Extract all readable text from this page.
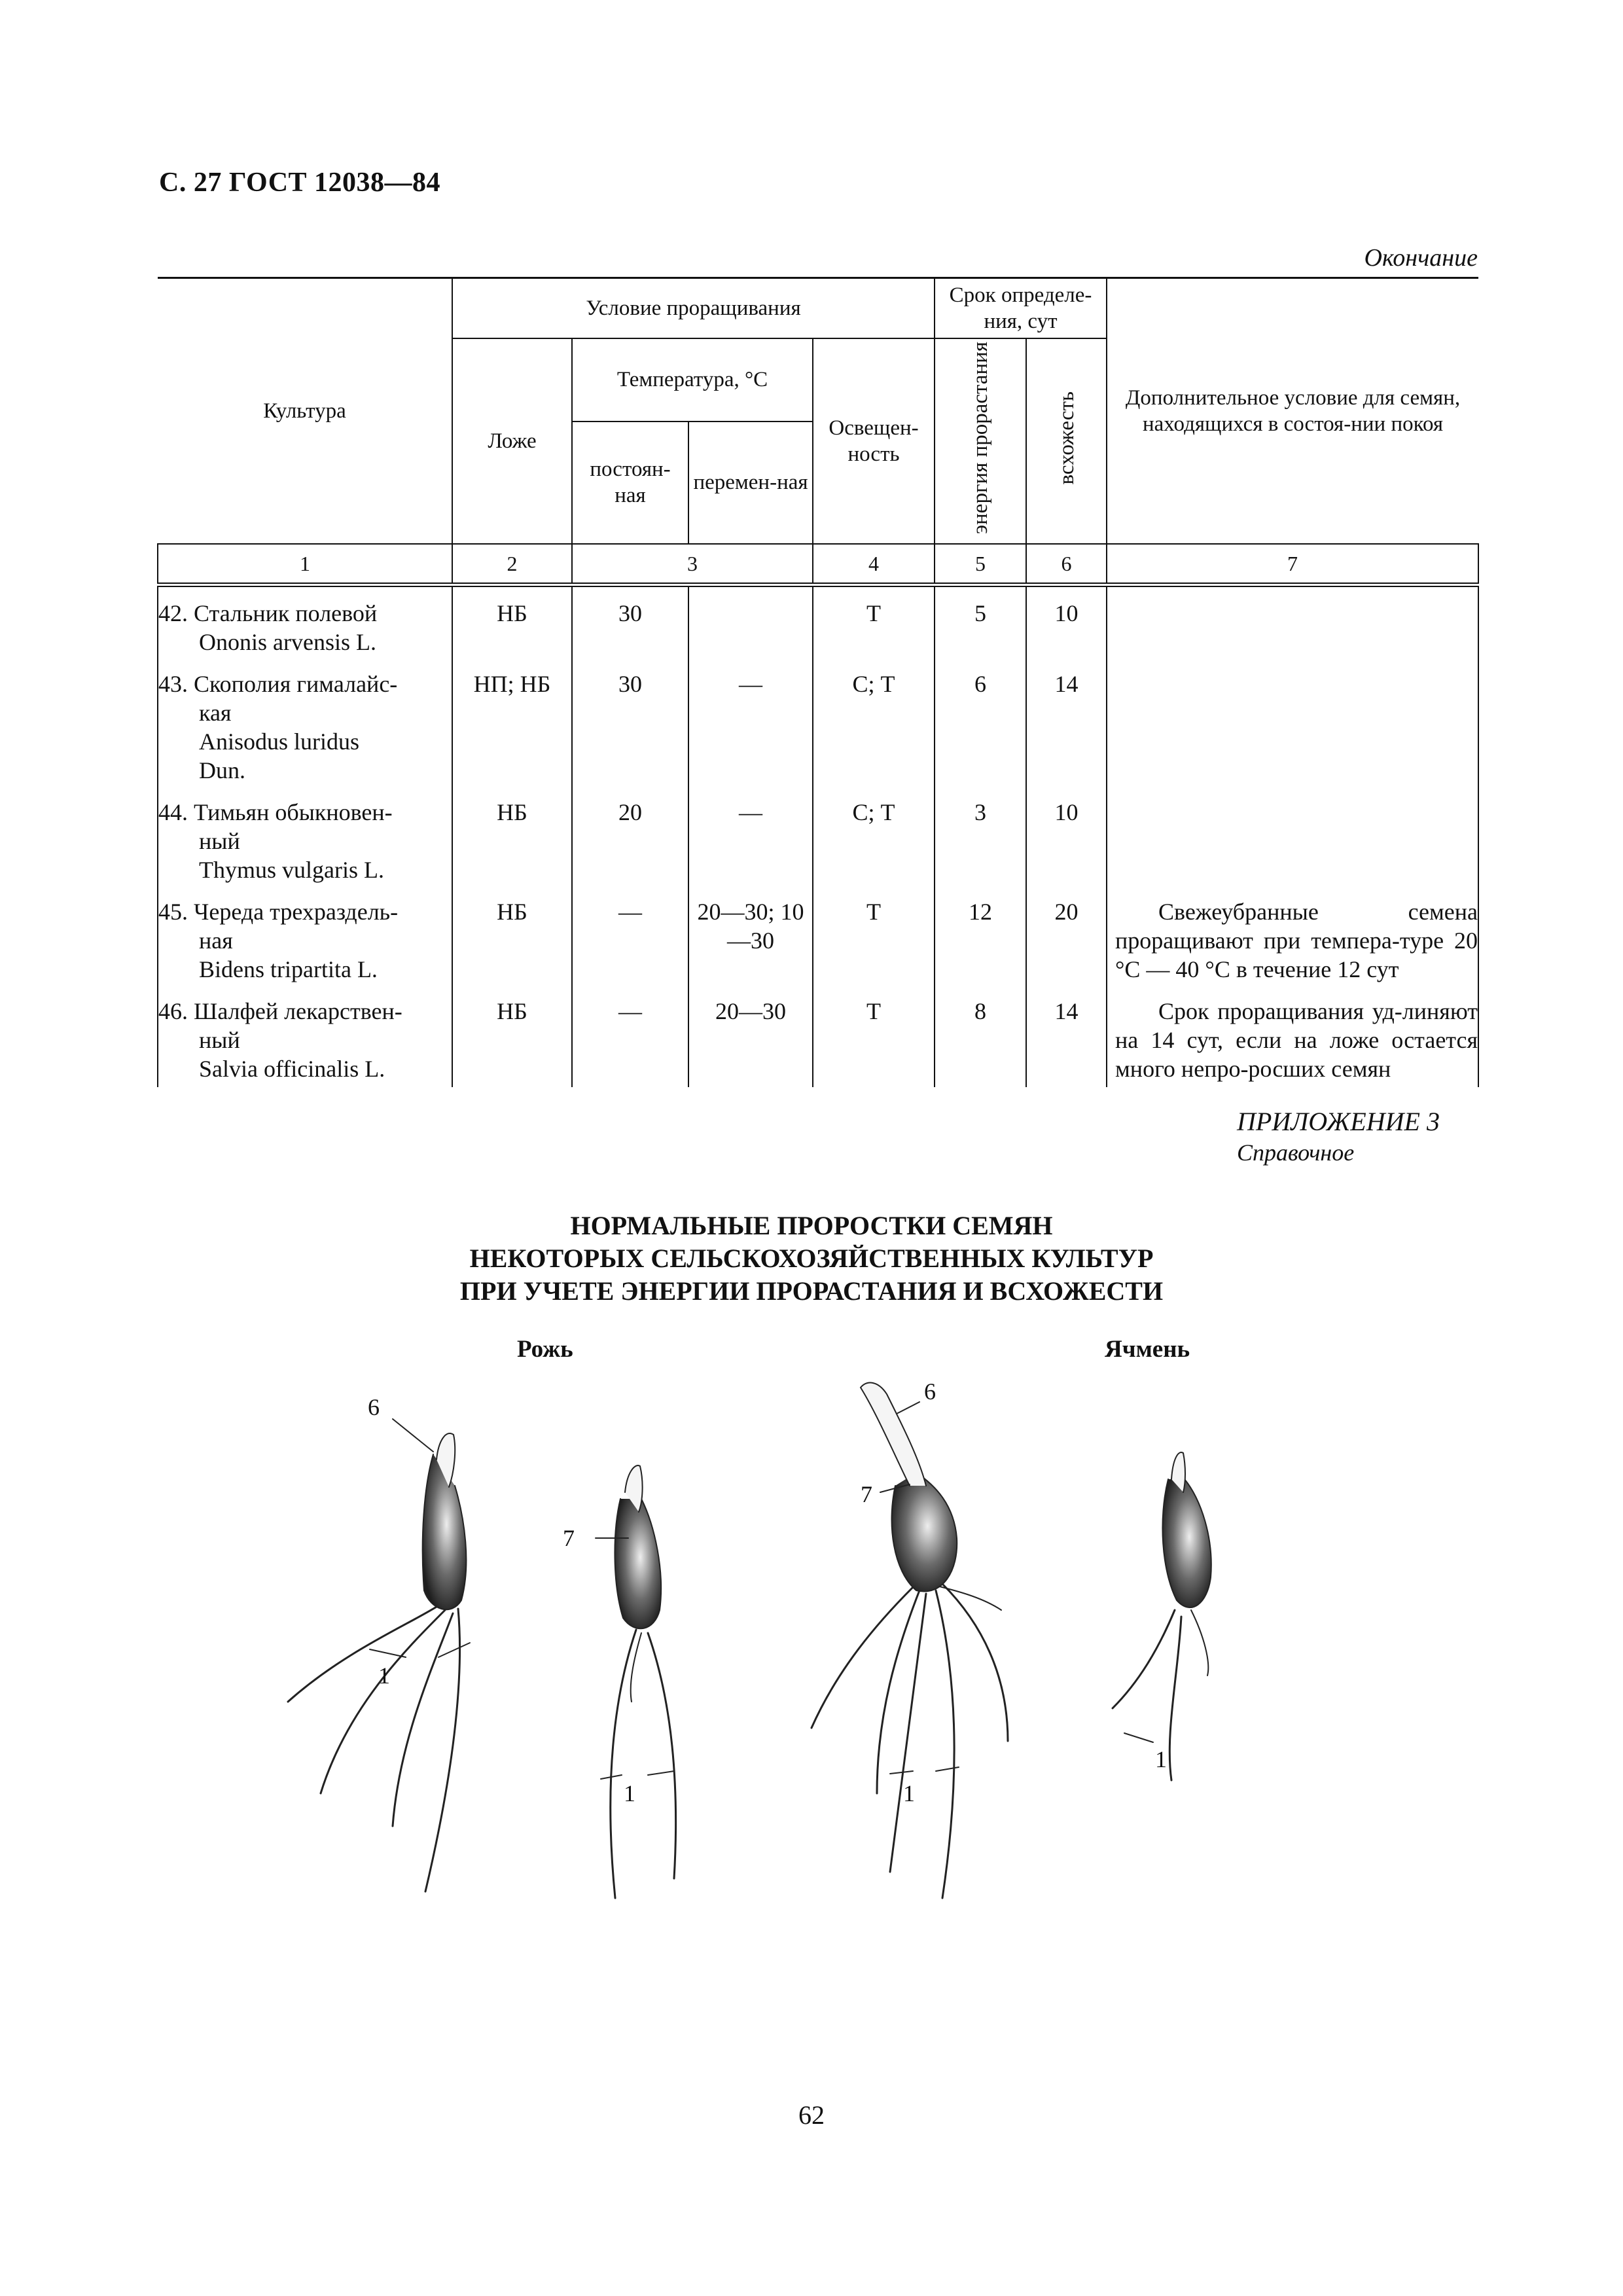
С. 27 ГОСТ 12038—84
Окончание
Культура	Условие проращивания				Срок определе-ния, сут		Дополнительное условие для семян, находящихся в состоя-нии покоя
	Ложе	Температура, °С		Освещен-ность	энергия прорастания	всхожесть	
		постоян-ная	перемен-ная				
1	2	3		4	5	6	7

42. Стальник полевой
Ononis arvensis L.	НБ	30		Т	5	10	

43. Скополия гималайс-
кая
Anisodus luridus
Dun.	НП; НБ	30	—	С; Т	6	14	

44. Тимьян обыкновен-
ный
Thymus vulgaris L.	НБ	20	—	С; Т	3	10	

45. Череда трехраздель-
ная
Bidens tripartita L.	НБ	—	20—30; 10—30	Т	12	20	Свежеубранные семена проращивают при темпера-туре 20 °С — 40 °С в течение 12 сут

46. Шалфей лекарствен-
ный
Salvia officinalis L.	НБ	—	20—30	Т	8	14	Срок проращивания уд-линяют на 14 сут, если на ложе остается много непро-росших семян

ПРИЛОЖЕНИЕ 3
Справочное
НОРМАЛЬНЫЕ ПРОРОСТКИ СЕМЯН
НЕКОТОРЫХ СЕЛЬСКОХОЗЯЙСТВЕННЫХ КУЛЬТУР
ПРИ УЧЕТЕ ЭНЕРГИИ ПРОРАСТАНИЯ И ВСХОЖЕСТИ
Рожь	Ячмень
6
1
7
1
6
7
1
1
62
